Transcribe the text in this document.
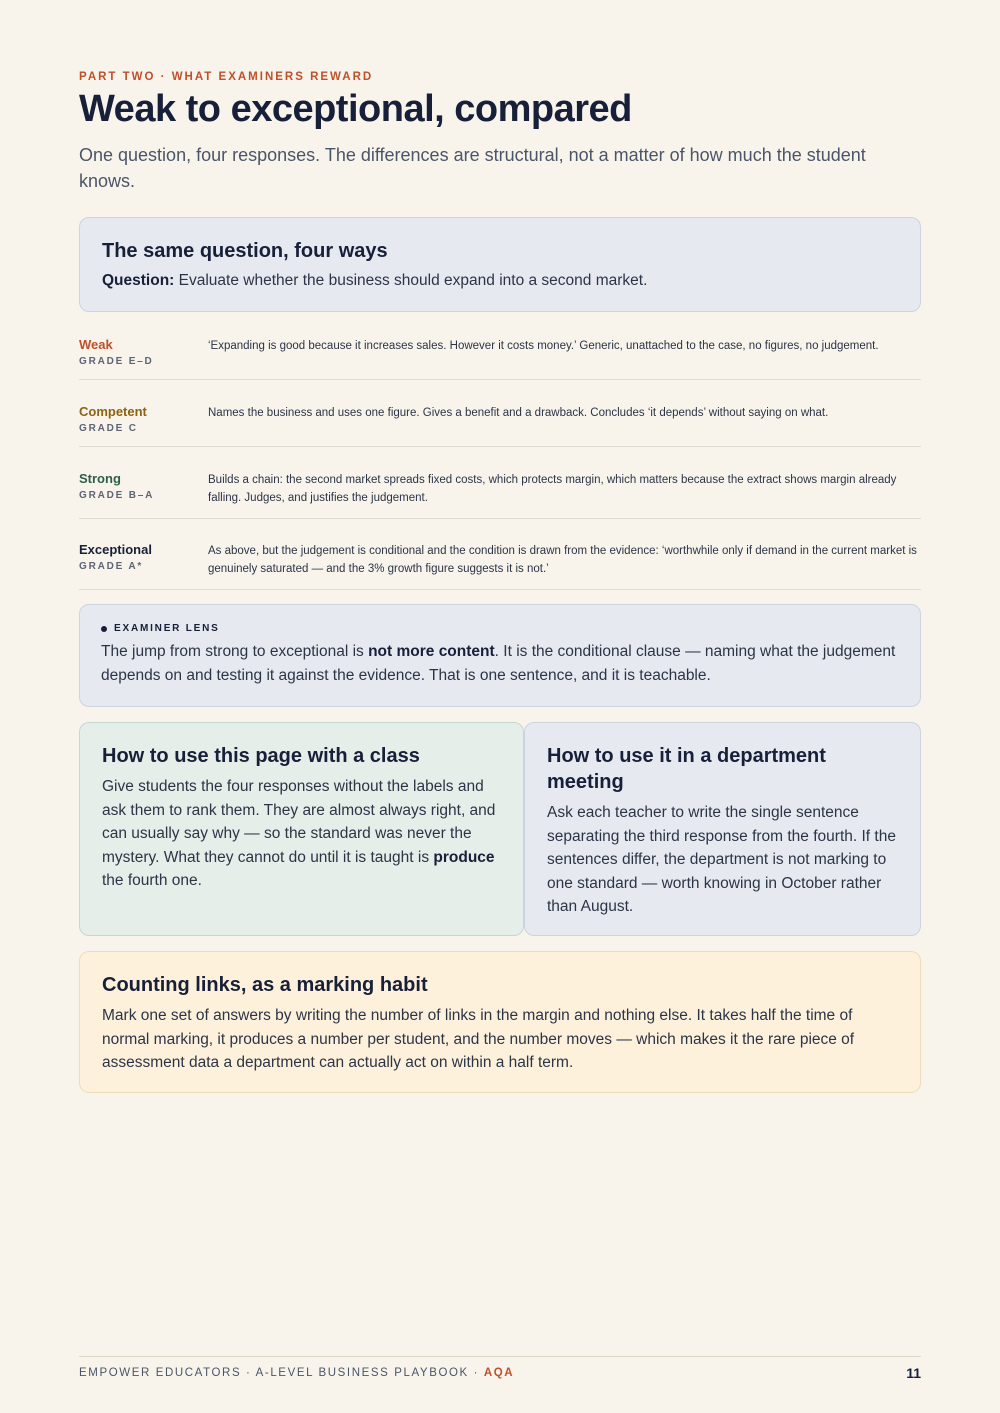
PART TWO · WHAT EXAMINERS REWARD
Weak to exceptional, compared
One question, four responses. The differences are structural, not a matter of how much the student knows.
The same question, four ways
Question: Evaluate whether the business should expand into a second market.
Weak
GRADE E–D
‘Expanding is good because it increases sales. However it costs money.’ Generic, unattached to the case, no figures, no judgement.
Competent
GRADE C
Names the business and uses one figure. Gives a benefit and a drawback. Concludes ‘it depends’ without saying on what.
Strong
GRADE B–A
Builds a chain: the second market spreads fixed costs, which protects margin, which matters because the extract shows margin already falling. Judges, and justifies the judgement.
Exceptional
GRADE A*
As above, but the judgement is conditional and the condition is drawn from the evidence: ‘worthwhile only if demand in the current market is genuinely saturated — and the 3% growth figure suggests it is not.’
EXAMINER LENS
The jump from strong to exceptional is not more content. It is the conditional clause — naming what the judgement depends on and testing it against the evidence. That is one sentence, and it is teachable.
How to use this page with a class

Give students the four responses without the labels and ask them to rank them. They are almost always right, and can usually say why — so the standard was never the mystery. What they cannot do until it is taught is produce the fourth one.

How to use it in a department meeting

Ask each teacher to write the single sentence separating the third response from the fourth. If the sentences differ, the department is not marking to one standard — worth knowing in October rather than August.

Counting links, as a marking habit

Mark one set of answers by writing the number of links in the margin and nothing else. It takes half the time of normal marking, it produces a number per student, and the number moves — which makes it the rare piece of assessment data a department can actually act on within a half term.

EMPOWER EDUCATORS · A-LEVEL BUSINESS PLAYBOOK · AQA	11
